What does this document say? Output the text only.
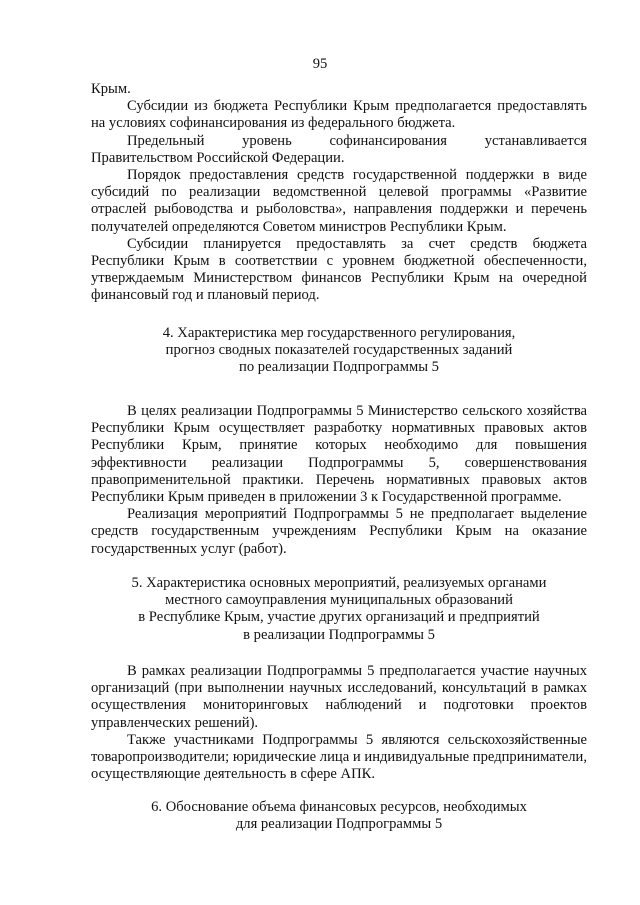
95

Крым.

Субсидии из бюджета Республики Крым предполагается предоставлять на условиях софинансирования из федерального бюджета.

Предельный уровень софинансирования устанавливается Правительством Российской Федерации.

Порядок предоставления средств государственной поддержки в виде субсидий по реализации ведомственной целевой программы «Развитие отраслей рыбоводства и рыболовства», направления поддержки и перечень получателей определяются Советом министров Республики Крым.

Субсидии планируется предоставлять за счет средств бюджета Республики Крым в соответствии с уровнем бюджетной обеспеченности, утверждаемым Министерством финансов Республики Крым на очередной финансовый год и плановый период.

4. Характеристика мер государственного регулирования,
прогноз сводных показателей государственных заданий
по реализации Подпрограммы 5

В целях реализации Подпрограммы 5 Министерство сельского хозяйства Республики Крым осуществляет разработку нормативных правовых актов Республики Крым, принятие которых необходимо для повышения эффективности реализации Подпрограммы 5, совершенствования правоприменительной практики. Перечень нормативных правовых актов Республики Крым приведен в приложении 3 к Государственной программе.

Реализация мероприятий Подпрограммы 5 не предполагает выделение средств государственным учреждениям Республики Крым на оказание государственных услуг (работ).

5. Характеристика основных мероприятий, реализуемых органами
местного самоуправления муниципальных образований
в Республике Крым, участие других организаций и предприятий
в реализации Подпрограммы 5

В рамках реализации Подпрограммы 5 предполагается участие научных организаций (при выполнении научных исследований, консультаций в рамках осуществления мониторинговых наблюдений и подготовки проектов управленческих решений).

Также участниками Подпрограммы 5 являются сельскохозяйственные товаропроизводители; юридические лица и индивидуальные предприниматели, осуществляющие деятельность в сфере АПК.

6. Обоснование объема финансовых ресурсов, необходимых
для реализации Подпрограммы 5
